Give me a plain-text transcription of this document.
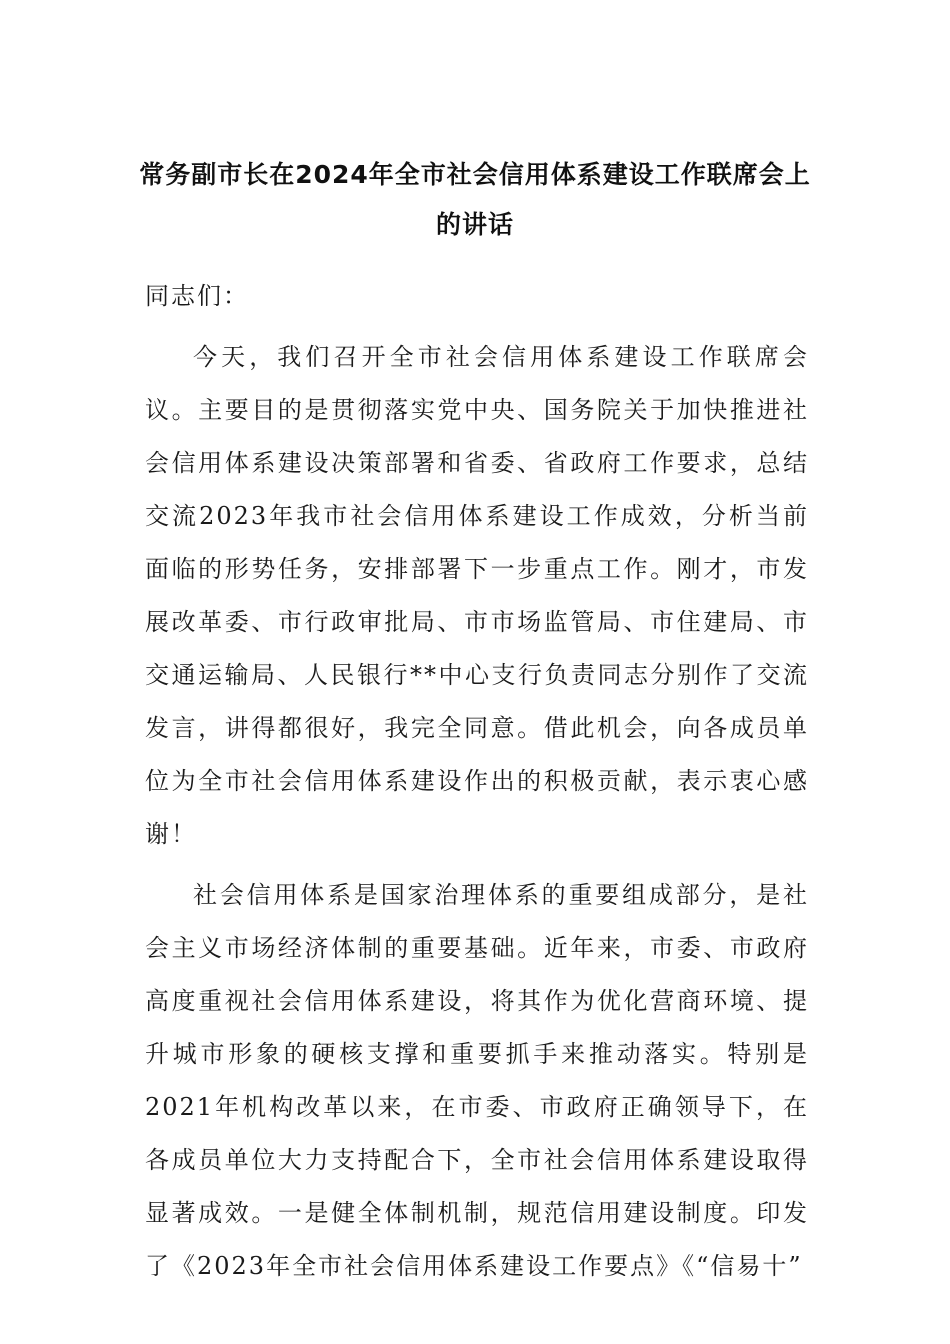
常务副市长在2024年全市社会信用体系建设工作联席会上
的讲话

同志们：

今天，我们召开全市社会信用体系建设工作联席会议。主要目的是贯彻落实党中央、国务院关于加快推进社会信用体系建设决策部署和省委、省政府工作要求，总结交流2023年我市社会信用体系建设工作成效，分析当前面临的形势任务，安排部署下一步重点工作。刚才，市发展改革委、市行政审批局、市市场监管局、市住建局、市交通运输局、人民银行**中心支行负责同志分别作了交流发言，讲得都很好，我完全同意。借此机会，向各成员单位为全市社会信用体系建设作出的积极贡献，表示衷心感谢！

社会信用体系是国家治理体系的重要组成部分，是社会主义市场经济体制的重要基础。近年来，市委、市政府高度重视社会信用体系建设，将其作为优化营商环境、提升城市形象的硬核支撑和重要抓手来推动落实。特别是2021年机构改革以来，在市委、市政府正确领导下，在各成员单位大力支持配合下，全市社会信用体系建设取得显著成效。一是健全体制机制，规范信用建设制度。印发了《2023年全市社会信用体系建设工作要点》《“信易十”
